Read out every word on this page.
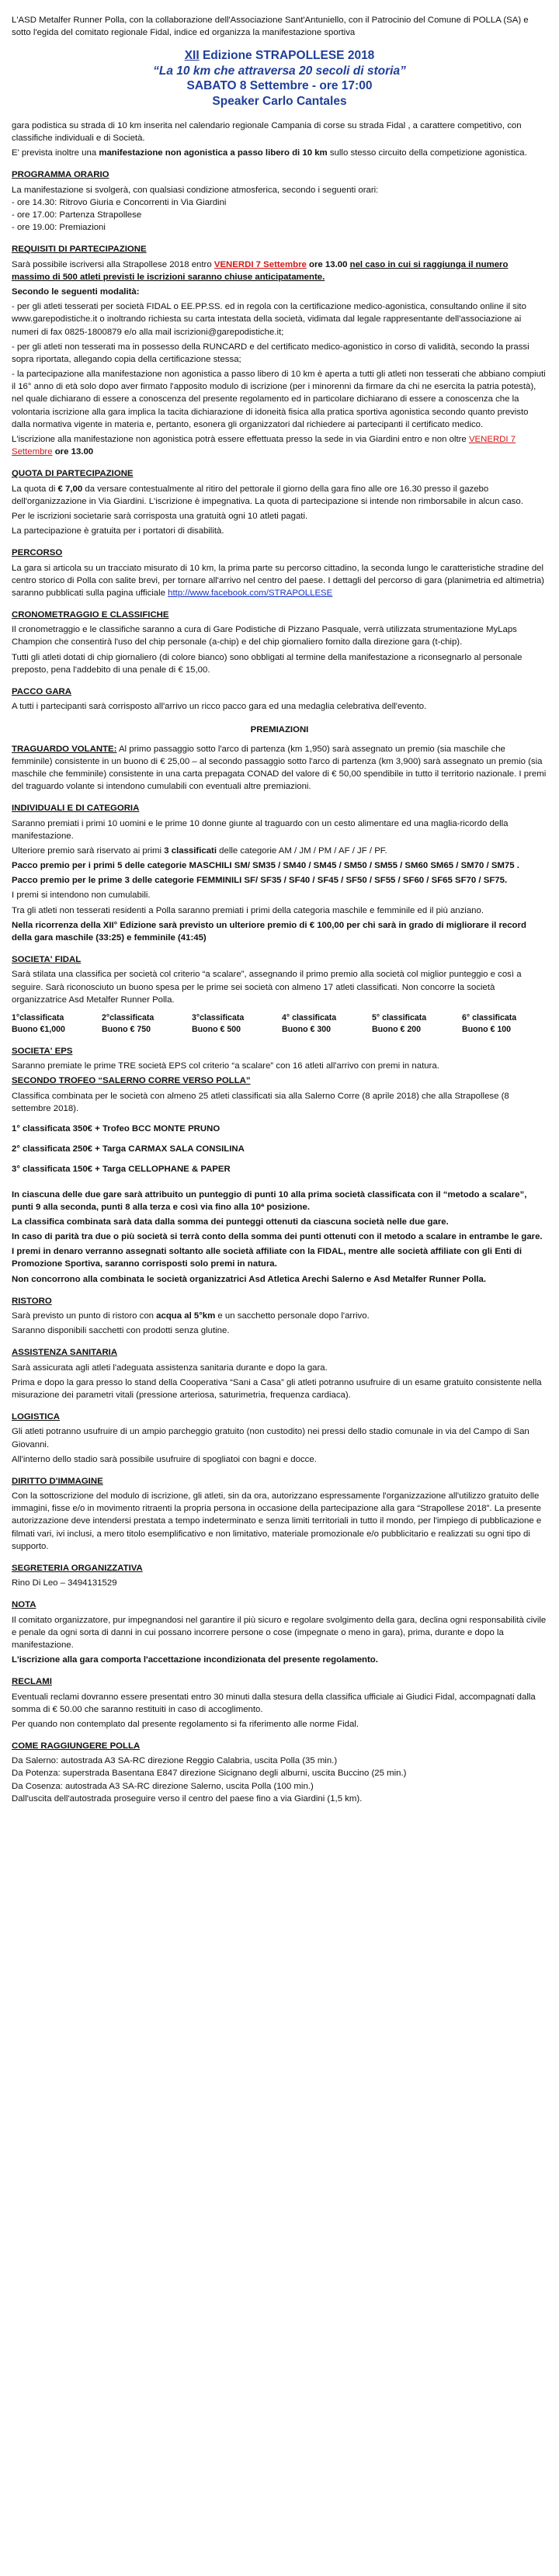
L'ASD Metalfer Runner Polla, con la collaborazione dell'Associazione Sant'Antuniello, con il Patrocinio del Comune di POLLA (SA) e sotto l'egida del comitato regionale Fidal, indice ed organizza la manifestazione sportiva

XII Edizione STRAPOLLESE 2018
“La 10 km che attraversa 20 secoli di storia”
SABATO 8 Settembre - ore 17:00
Speaker Carlo Cantales

gara podistica su strada di 10 km inserita nel calendario regionale Campania di corse su strada Fidal , a carattere competitivo, con classifiche individuali e di Società.

E' prevista inoltre una manifestazione non agonistica a passo libero di 10 km sullo stesso circuito della competizione agonistica.

PROGRAMMA ORARIO
La manifestazione si svolgerà, con qualsiasi condizione atmosferica, secondo i seguenti orari:
- ore 14.30: Ritrovo Giuria e Concorrenti in Via Giardini
- ore 17.00: Partenza Strapollese
- ore 19.00: Premiazioni
REQUISITI DI PARTECIPAZIONE

Sarà possibile iscriversi alla Strapollese 2018 entro VENERDI 7 Settembre ore 13.00 nel caso in cui si raggiunga il numero massimo di 500 atleti previsti le iscrizioni saranno chiuse anticipatamente.

Secondo le seguenti modalità:

- per gli atleti tesserati per società FIDAL o EE.PP.SS. ed in regola con la certificazione medico-agonistica, consultando online il sito www.garepodistiche.it o inoltrando richiesta su carta intestata della società, vidimata dal legale rappresentante dell'associazione ai numeri di fax 0825-1800879 e/o alla mail iscrizioni@garepodistiche.it;

- per gli atleti non tesserati ma in possesso della RUNCARD e del certificato medico-agonistico in corso di validità, secondo la prassi sopra riportata, allegando copia della certificazione stessa;

- la partecipazione alla manifestazione non agonistica a passo libero di 10 km è aperta a tutti gli atleti non tesserati che abbiano compiuti il 16° anno di età solo dopo aver firmato l'apposito modulo di iscrizione (per i minorenni da firmare da chi ne esercita la patria potestà), nel quale dichiarano di essere a conoscenza del presente regolamento ed in particolare dichiarano di essere a conoscenza che la volontaria iscrizione alla gara implica la tacita dichiarazione di idoneità fisica alla pratica sportiva agonistica secondo quanto previsto dalla normativa vigente in materia e, pertanto, esonera gli organizzatori dal richiedere ai partecipanti il certificato medico.

L'iscrizione alla manifestazione non agonistica potrà essere effettuata presso la sede in via Giardini entro e non oltre VENERDI 7 Settembre ore 13.00

QUOTA DI PARTECIPAZIONE

La quota di € 7,00 da versare contestualmente al ritiro del pettorale il giorno della gara fino alle ore 16.30 presso il gazebo dell'organizzazione in Via Giardini. L'iscrizione è impegnativa. La quota di partecipazione si intende non rimborsabile in alcun caso.

Per le iscrizioni societarie sarà corrisposta una gratuità ogni 10 atleti pagati.

La partecipazione è gratuita per i portatori di disabilità.

PERCORSO

La gara si articola su un tracciato misurato di 10 km, la prima parte su percorso cittadino, la seconda lungo le caratteristiche stradine del centro storico di Polla con salite brevi, per tornare all'arrivo nel centro del paese. I dettagli del percorso di gara (planimetria ed altimetria) saranno pubblicati sulla pagina ufficiale http://www.facebook.com/STRAPOLLESE

CRONOMETRAGGIO E CLASSIFICHE

Il cronometraggio e le classifiche saranno a cura di Gare Podistiche di Pizzano Pasquale, verrà utilizzata strumentazione MyLaps Champion che consentirà l'uso del chip personale (a-chip) e del chip giornaliero fornito dalla direzione gara (t-chip).

Tutti gli atleti dotati di chip giornaliero (di colore bianco) sono obbligati al termine della manifestazione a riconsegnarlo al personale preposto, pena l'addebito di una penale di € 15,00.

PACCO GARA

A tutti i partecipanti sarà corrisposto all'arrivo un ricco pacco gara ed una medaglia celebrativa dell'evento.

PREMIAZIONI

TRAGUARDO VOLANTE: Al primo passaggio sotto l'arco di partenza (km 1,950) sarà assegnato un premio (sia maschile che femminile) consistente in un buono di € 25,00 – al secondo passaggio sotto l'arco di partenza (km 3,900) sarà assegnato un premio (sia maschile che femminile) consistente in una carta prepagata CONAD del valore di € 50,00 spendibile in tutto il territorio nazionale. I premi del traguardo volante si intendono cumulabili con eventuali altre premiazioni.

INDIVIDUALI E DI CATEGORIA

Saranno premiati i primi 10 uomini e le prime 10 donne giunte al traguardo con un cesto alimentare ed una maglia-ricordo della manifestazione.

Ulteriore premio sarà riservato ai primi 3 classificati delle categorie AM / JM / PM / AF / JF / PF.

Pacco premio per i primi 5 delle categorie MASCHILI SM/ SM35 / SM40 / SM45 / SM50 / SM55 / SM60 SM65 / SM70 / SM75 .

Pacco premio per le prime 3 delle categorie FEMMINILI SF/ SF35 / SF40 / SF45 / SF50 / SF55 / SF60 / SF65 SF70 / SF75.

I premi si intendono non cumulabili.

Tra gli atleti non tesserati residenti a Polla saranno premiati i primi della categoria maschile e femminile ed il più anziano.

Nella ricorrenza della XII° Edizione sarà previsto un ulteriore premio di € 100,00 per chi sarà in grado di migliorare il record della gara maschile (33:25) e femminile (41:45)

SOCIETA' FIDAL

Sarà stilata una classifica per società col criterio “a scalare”, assegnando il primo premio alla società col miglior punteggio e così a seguire. Sarà riconosciuto un buono spesa per le prime sei società con almeno 17 atleti classificati. Non concorre la società organizzatrice Asd Metalfer Runner Polla.

1°classificata
Buono €1,000
2°classificata
Buono € 750
3°classificata
Buono € 500
4° classificata
Buono € 300
5° classificata
Buono € 200
6° classificata
Buono € 100
SOCIETA' EPS

Saranno premiate le prime TRE società EPS col criterio “a scalare” con 16 atleti all'arrivo con premi in natura.

SECONDO TROFEO “SALERNO CORRE VERSO POLLA”

Classifica combinata per le società con almeno 25 atleti classificati sia alla Salerno Corre (8 aprile 2018) che alla Strapollese (8 settembre 2018).

1° classificata 350€ + Trofeo BCC MONTE PRUNO

2° classificata 250€ + Targa CARMAX SALA CONSILINA

3° classificata 150€ + Targa CELLOPHANE & PAPER

In ciascuna delle due gare sarà attribuito un punteggio di punti 10 alla prima società classificata con il “metodo a scalare”, punti 9 alla seconda, punti 8 alla terza e così via fino alla 10ª posizione.

La classifica combinata sarà data dalla somma dei punteggi ottenuti da ciascuna società nelle due gare.

In caso di parità tra due o più società si terrà conto della somma dei punti ottenuti con il metodo a scalare in entrambe le gare.

I premi in denaro verranno assegnati soltanto alle società affiliate con la FIDAL, mentre alle società affiliate con gli Enti di Promozione Sportiva, saranno corrisposti solo premi in natura.

Non concorrono alla combinata le società organizzatrici Asd Atletica Arechi Salerno e Asd Metalfer Runner Polla.

RISTORO

Sarà previsto un punto di ristoro con acqua al 5°km e un sacchetto personale dopo l'arrivo.

Saranno disponibili sacchetti con prodotti senza glutine.

ASSISTENZA SANITARIA

Sarà assicurata agli atleti l'adeguata assistenza sanitaria durante e dopo la gara.

Prima e dopo la gara presso lo stand della Cooperativa “Sani a Casa” gli atleti potranno usufruire di un esame gratuito consistente nella misurazione dei parametri vitali (pressione arteriosa, saturimetria, frequenza cardiaca).

LOGISTICA

Gli atleti potranno usufruire di un ampio parcheggio gratuito (non custodito) nei pressi dello stadio comunale in via del Campo di San Giovanni.

All'interno dello stadio sarà possibile usufruire di spogliatoi con bagni e docce.

DIRITTO D'IMMAGINE

Con la sottoscrizione del modulo di iscrizione, gli atleti, sin da ora, autorizzano espressamente l'organizzazione all'utilizzo gratuito delle immagini, fisse e/o in movimento ritraenti la propria persona in occasione della partecipazione alla gara “Strapollese 2018”. La presente autorizzazione deve intendersi prestata a tempo indeterminato e senza limiti territoriali in tutto il mondo, per l'impiego di pubblicazione e filmati vari, ivi inclusi, a mero titolo esemplificativo e non limitativo, materiale promozionale e/o pubblicitario e realizzati su ogni tipo di supporto.

SEGRETERIA ORGANIZZATIVA

Rino Di Leo – 3494131529

NOTA

Il comitato organizzatore, pur impegnandosi nel garantire il più sicuro e regolare svolgimento della gara, declina ogni responsabilità civile e penale da ogni sorta di danni in cui possano incorrere persone o cose (impegnate o meno in gara), prima, durante e dopo la manifestazione.

L'iscrizione alla gara comporta l'accettazione incondizionata del presente regolamento.

RECLAMI

Eventuali reclami dovranno essere presentati entro 30 minuti dalla stesura della classifica ufficiale ai Giudici Fidal, accompagnati dalla somma di € 50.00 che saranno restituiti in caso di accoglimento.

Per quando non contemplato dal presente regolamento si fa riferimento alle norme Fidal.

COME RAGGIUNGERE POLLA
Da Salerno: autostrada A3 SA-RC direzione Reggio Calabria, uscita Polla (35 min.)
Da Potenza: superstrada Basentana E847 direzione Sicignano degli alburni, uscita Buccino (25 min.)
Da Cosenza: autostrada A3 SA-RC direzione Salerno, uscita Polla (100 min.)
Dall'uscita dell'autostrada proseguire verso il centro del paese fino a via Giardini (1,5 km).
